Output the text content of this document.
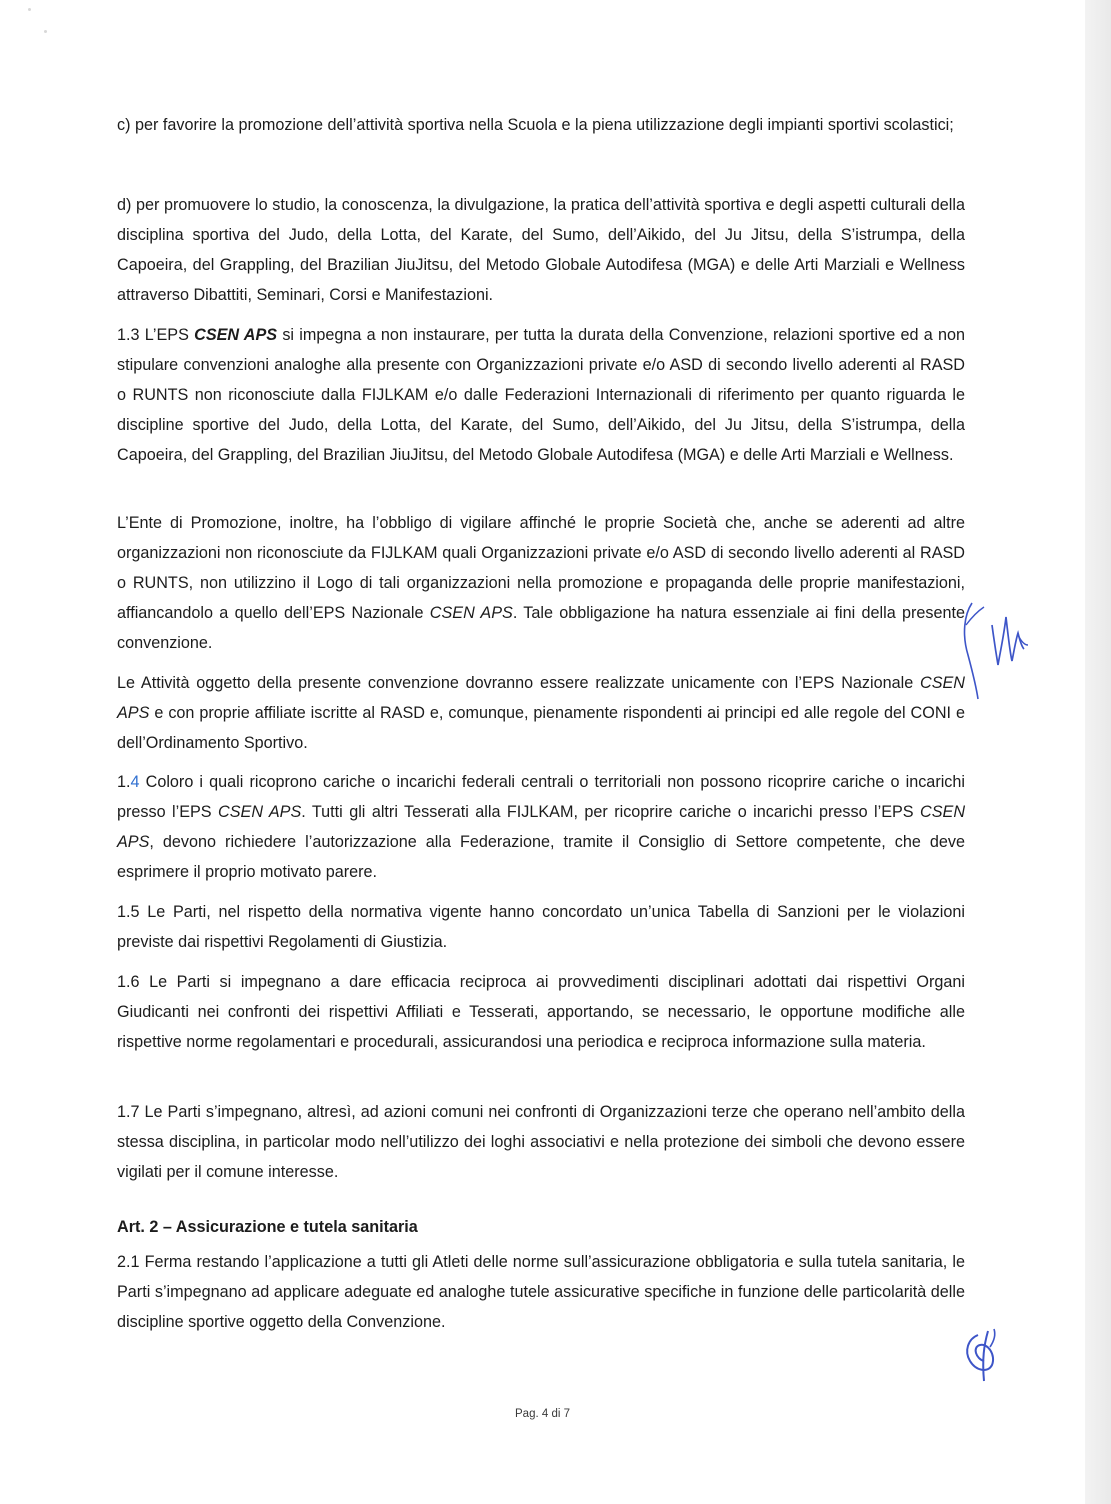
c) per favorire la promozione dell’attività sportiva nella Scuola e la piena utilizzazione degli impianti sportivi scolastici;

d) per promuovere lo studio, la conoscenza, la divulgazione, la pratica dell’attività sportiva e degli aspetti culturali della disciplina sportiva del Judo, della Lotta, del Karate, del Sumo, dell’Aikido, del Ju Jitsu, della S’istrumpa, della Capoeira, del Grappling, del Brazilian JiuJitsu, del Metodo Globale Autodifesa (MGA) e delle Arti Marziali e Wellness attraverso Dibattiti, Seminari, Corsi e Manifestazioni.

1.3 L’EPS CSEN APS si impegna a non instaurare, per tutta la durata della Convenzione, relazioni sportive ed a non stipulare convenzioni analoghe alla presente con Organizzazioni private e/o ASD di secondo livello aderenti al RASD o RUNTS non riconosciute dalla FIJLKAM e/o dalle Federazioni Internazionali di riferimento per quanto riguarda le discipline sportive del Judo, della Lotta, del Karate, del Sumo, dell’Aikido, del Ju Jitsu, della S’istrumpa, della Capoeira, del Grappling, del Brazilian JiuJitsu, del Metodo Globale Autodifesa (MGA) e delle Arti Marziali e Wellness.

L’Ente di Promozione, inoltre, ha l’obbligo di vigilare affinché le proprie Società che, anche se aderenti ad altre organizzazioni non riconosciute da FIJLKAM quali Organizzazioni private e/o ASD di secondo livello aderenti al RASD o RUNTS, non utilizzino il Logo di tali organizzazioni nella promozione e propaganda delle proprie manifestazioni, affiancandolo a quello dell’EPS Nazionale CSEN APS. Tale obbligazione ha natura essenziale ai fini della presente convenzione.

Le Attività oggetto della presente convenzione dovranno essere realizzate unicamente con l’EPS Nazionale CSEN APS e con proprie affiliate iscritte al RASD e, comunque, pienamente rispondenti ai principi ed alle regole del CONI e dell’Ordinamento Sportivo.

1.4 Coloro i quali ricoprono cariche o incarichi federali centrali o territoriali non possono ricoprire cariche o incarichi presso l’EPS CSEN APS. Tutti gli altri Tesserati alla FIJLKAM, per ricoprire cariche o incarichi presso l’EPS CSEN APS, devono richiedere l’autorizzazione alla Federazione, tramite il Consiglio di Settore competente, che deve esprimere il proprio motivato parere.

1.5 Le Parti, nel rispetto della normativa vigente hanno concordato un’unica Tabella di Sanzioni per le violazioni previste dai rispettivi Regolamenti di Giustizia.

1.6 Le Parti si impegnano a dare efficacia reciproca ai provvedimenti disciplinari adottati dai rispettivi Organi Giudicanti nei confronti dei rispettivi Affiliati e Tesserati, apportando, se necessario, le opportune modifiche alle rispettive norme regolamentari e procedurali, assicurandosi una periodica e reciproca informazione sulla materia.

1.7 Le Parti s’impegnano, altresì, ad azioni comuni nei confronti di Organizzazioni terze che operano nell’ambito della stessa disciplina, in particolar modo nell’utilizzo dei loghi associativi e nella protezione dei simboli che devono essere vigilati per il comune interesse.

Art. 2 – Assicurazione e tutela sanitaria

2.1 Ferma restando l’applicazione a tutti gli Atleti delle norme sull’assicurazione obbligatoria e sulla tutela sanitaria, le Parti s’impegnano ad applicare adeguate ed analoghe tutele assicurative specifiche in funzione delle particolarità delle discipline sportive oggetto della Convenzione.

Pag. 4 di 7
